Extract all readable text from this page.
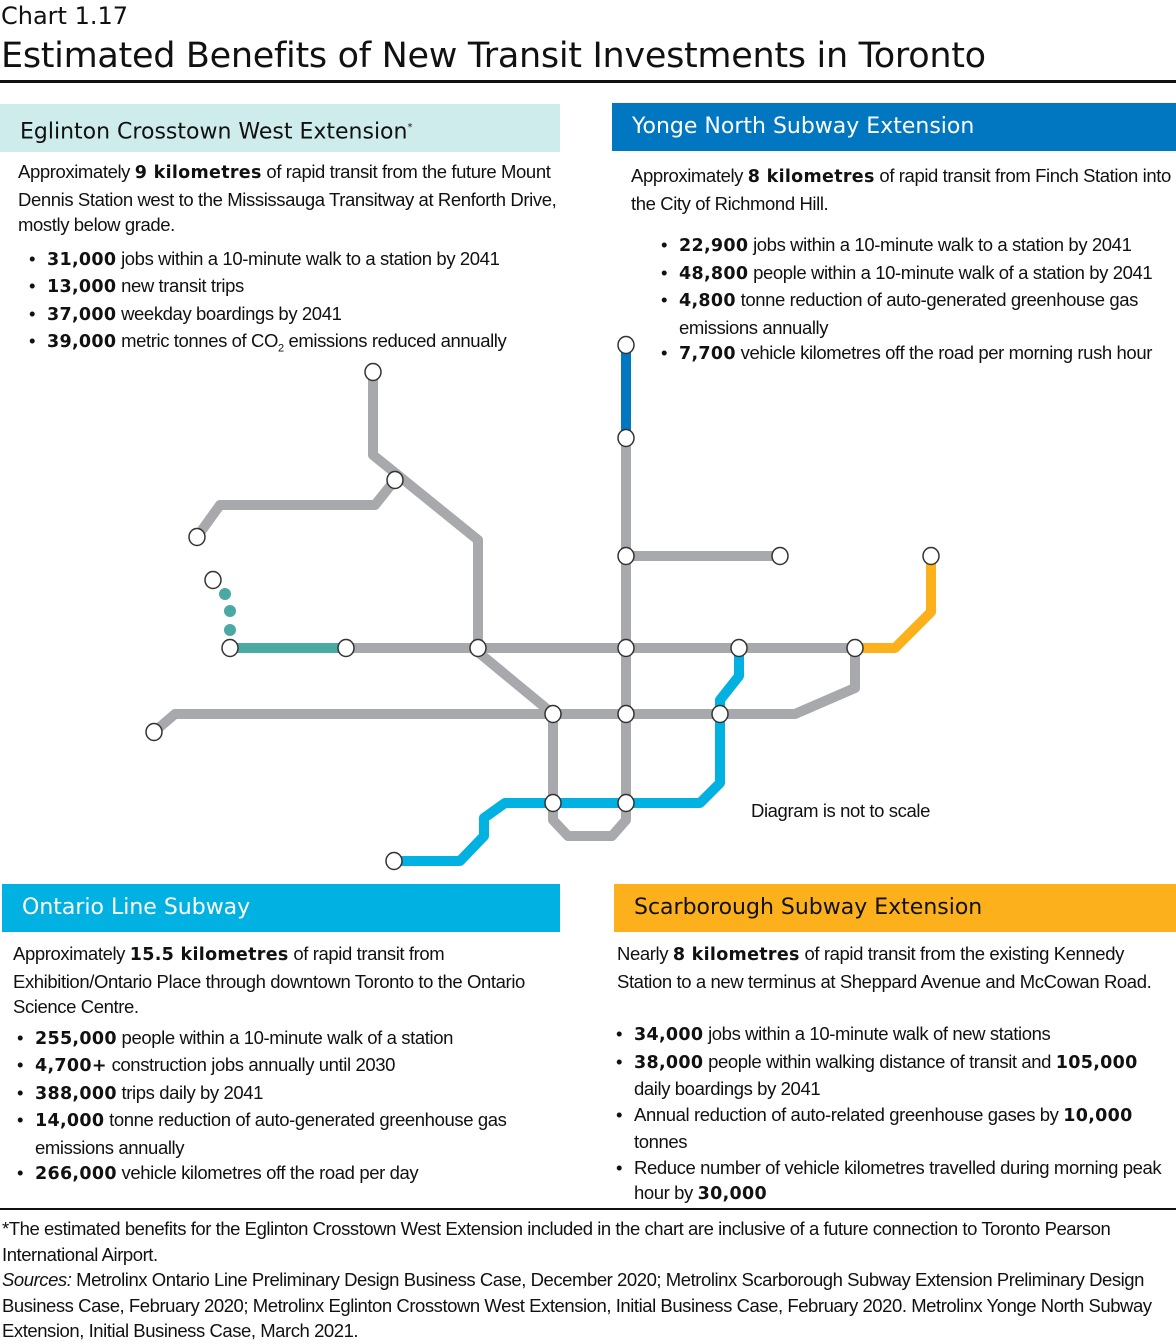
Chart 1.17
Estimated Benefits of New Transit Investments in Toronto
Eglinton Crosstown West Extension*

Approximately 9 kilometres of rapid transit from the future Mount Dennis Station west to the Mississauga Transitway at Renforth Drive, mostly below grade.

• 31,000 jobs within a 10-minute walk to a station by 2041
• 13,000 new transit trips
• 37,000 weekday boardings by 2041
• 39,000 metric tonnes of $CO_2$ emissions reduced annually
Yonge North Subway Extension

Approximately 8 kilometres of rapid transit from Finch Station into the City of Richmond Hill.

• 22,900 jobs within a 10-minute walk to a station by 2041
• 48,800 people within a 10-minute walk of a station by 2041
• 4,800 tonne reduction of auto-generated greenhouse gas emissions annually
• 7,700 vehicle kilometres off the road per morning rush hour
Diagram is not to scale
Ontario Line Subway

Approximately 15.5 kilometres of rapid transit from Exhibition/Ontario Place through downtown Toronto to the Ontario Science Centre.

• 255,000 people within a 10-minute walk of a station
• 4,700+ construction jobs annually until 2030
• 388,000 trips daily by 2041
• 14,000 tonne reduction of auto-generated greenhouse gas emissions annually
• 266,000 vehicle kilometres off the road per day
Scarborough Subway Extension

Nearly 8 kilometres of rapid transit from the existing Kennedy Station to a new terminus at Sheppard Avenue and McCowan Road.

• 34,000 jobs within a 10-minute walk of new stations
• 38,000 people within walking distance of transit and 105,000 daily boardings by 2041
• Annual reduction of auto-related greenhouse gases by 10,000 tonnes
• Reduce number of vehicle kilometres travelled during morning peak hour by 30,000

*The estimated benefits for the Eglinton Crosstown West Extension included in the chart are inclusive of a future connection to Toronto Pearson International Airport.

Sources: Metrolinx Ontario Line Preliminary Design Business Case, December 2020; Metrolinx Scarborough Subway Extension Preliminary Design Business Case, February 2020; Metrolinx Eglinton Crosstown West Extension, Initial Business Case, February 2020. Metrolinx Yonge North Subway Extension, Initial Business Case, March 2021.
